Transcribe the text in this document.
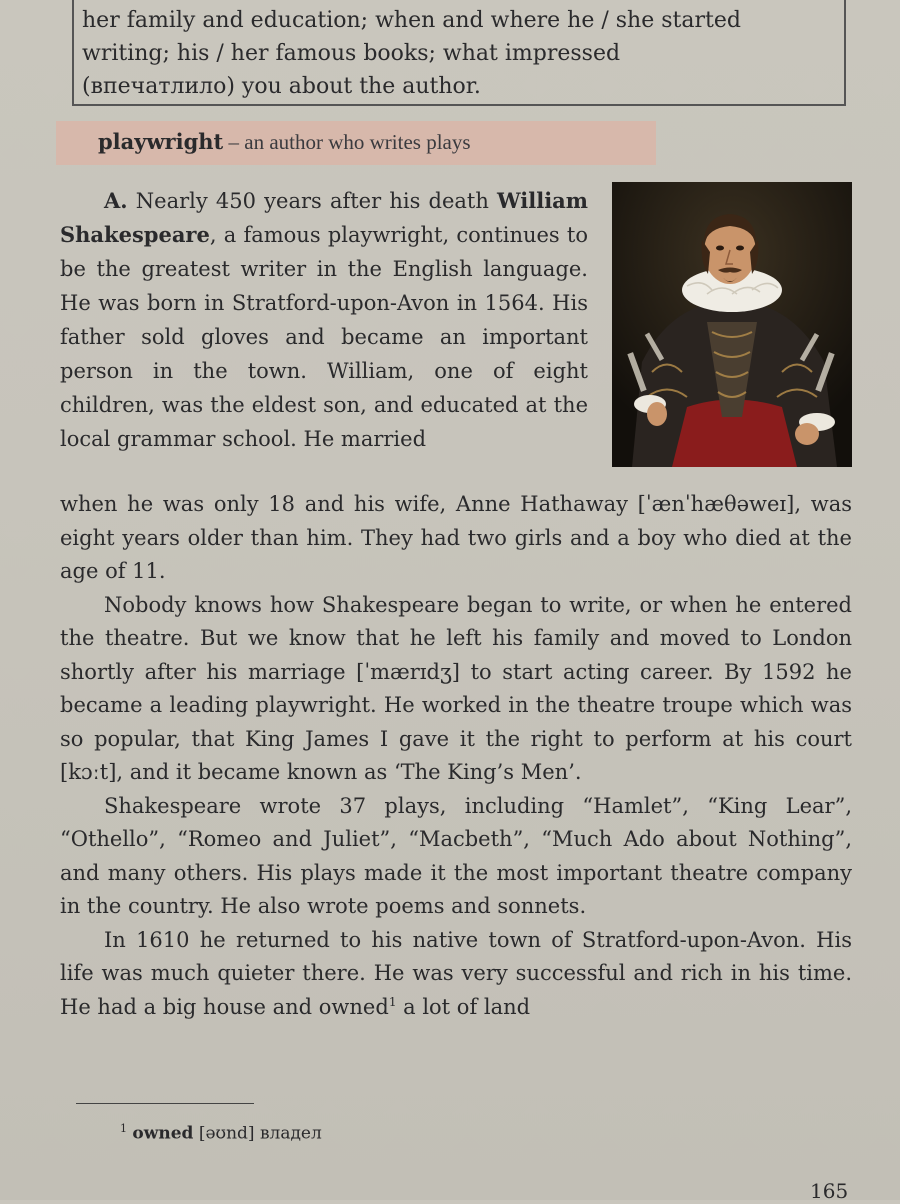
her family and education; when and where he / she started

writing; his / her famous books; what impressed

(впечатлило) you about the author.

playwright – an author who writes plays

A. Nearly 450 years after his death William Shakespeare, a famous playwright, continues to be the greatest writer in the English language. He was born in Stratford-upon-Avon in 1564. His father sold gloves and became an important person in the town. William, one of eight children, was the eldest son, and educated at the local grammar school. He married

when he was only 18 and his wife, Anne Hathaway [ˈænˈhæθəweɪ], was eight years older than him. They had two girls and a boy who died at the age of 11.

Nobody knows how Shakespeare began to write, or when he entered the theatre. But we know that he left his family and moved to London shortly after his marriage [ˈmærɪdʒ] to start acting career. By 1592 he became a leading playwright. He worked in the theatre troupe which was so popular, that King James I gave it the right to perform at his court [kɔːt], and it became known as ‘The King’s Men’.

Shakespeare wrote 37 plays, including “Hamlet”, “King Lear”, “Othello”, “Romeo and Juliet”, “Macbeth”, “Much Ado about Nothing”, and many others. His plays made it the most important theatre company in the country. He also wrote poems and sonnets.

In 1610 he returned to his native town of Stratford-upon-Avon. His life was much quieter there. He was very successful and rich in his time. He had a big house and owned$^1$ a lot of land

$^1$ owned [əʊnd] владел
165
